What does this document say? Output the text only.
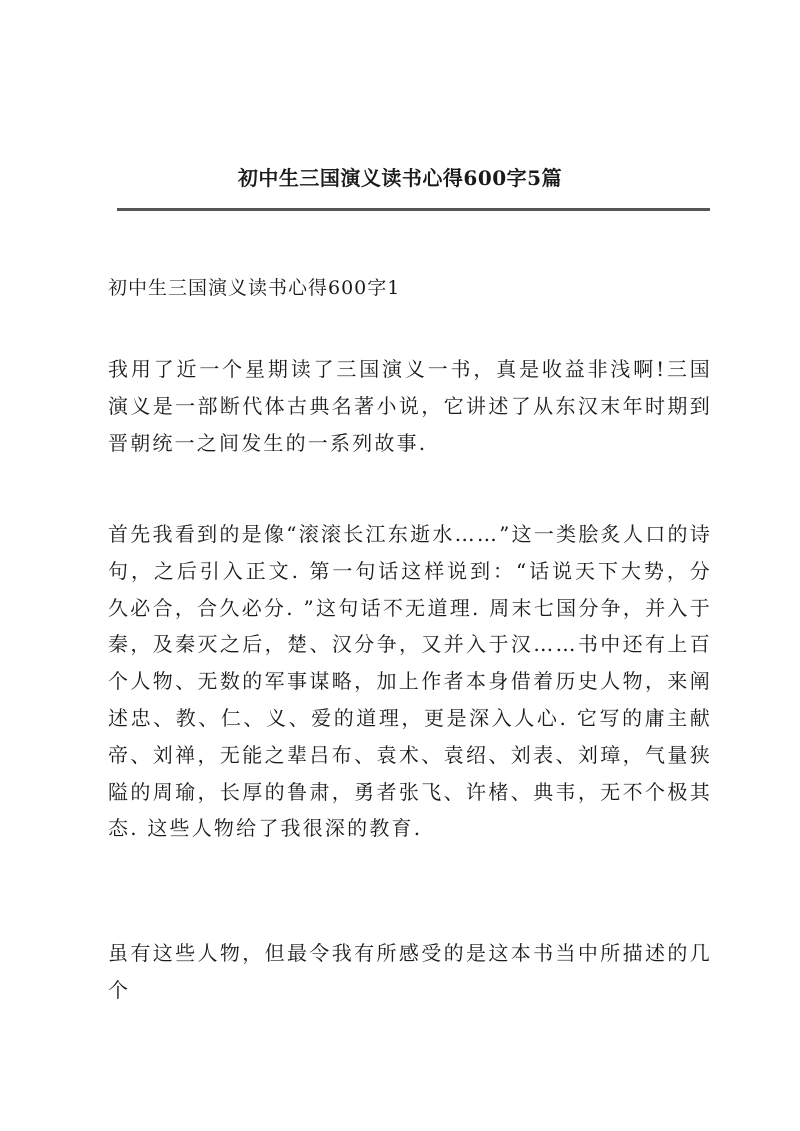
初中生三国演义读书心得600字5篇
初中生三国演义读书心得600字1

我用了近一个星期读了三国演义一书，真是收益非浅啊!三国演义是一部断代体古典名著小说，它讲述了从东汉末年时期到晋朝统一之间发生的一系列故事.

首先我看到的是像“滚滚长江东逝水……”这一类脍炙人口的诗句，之后引入正文. 第一句话这样说到：“话说天下大势，分久必合，合久必分. ”这句话不无道理. 周末七国分争，并入于秦，及秦灭之后，楚、汉分争，又并入于汉……书中还有上百个人物、无数的军事谋略，加上作者本身借着历史人物，来阐述忠、教、仁、义、爱的道理，更是深入人心. 它写的庸主献帝、刘禅，无能之辈吕布、袁术、袁绍、刘表、刘璋，气量狭隘的周瑜，长厚的鲁肃，勇者张飞、许楮、典韦，无不个极其态. 这些人物给了我很深的教育.

虽有这些人物，但最令我有所感受的是这本书当中所描述的几个
